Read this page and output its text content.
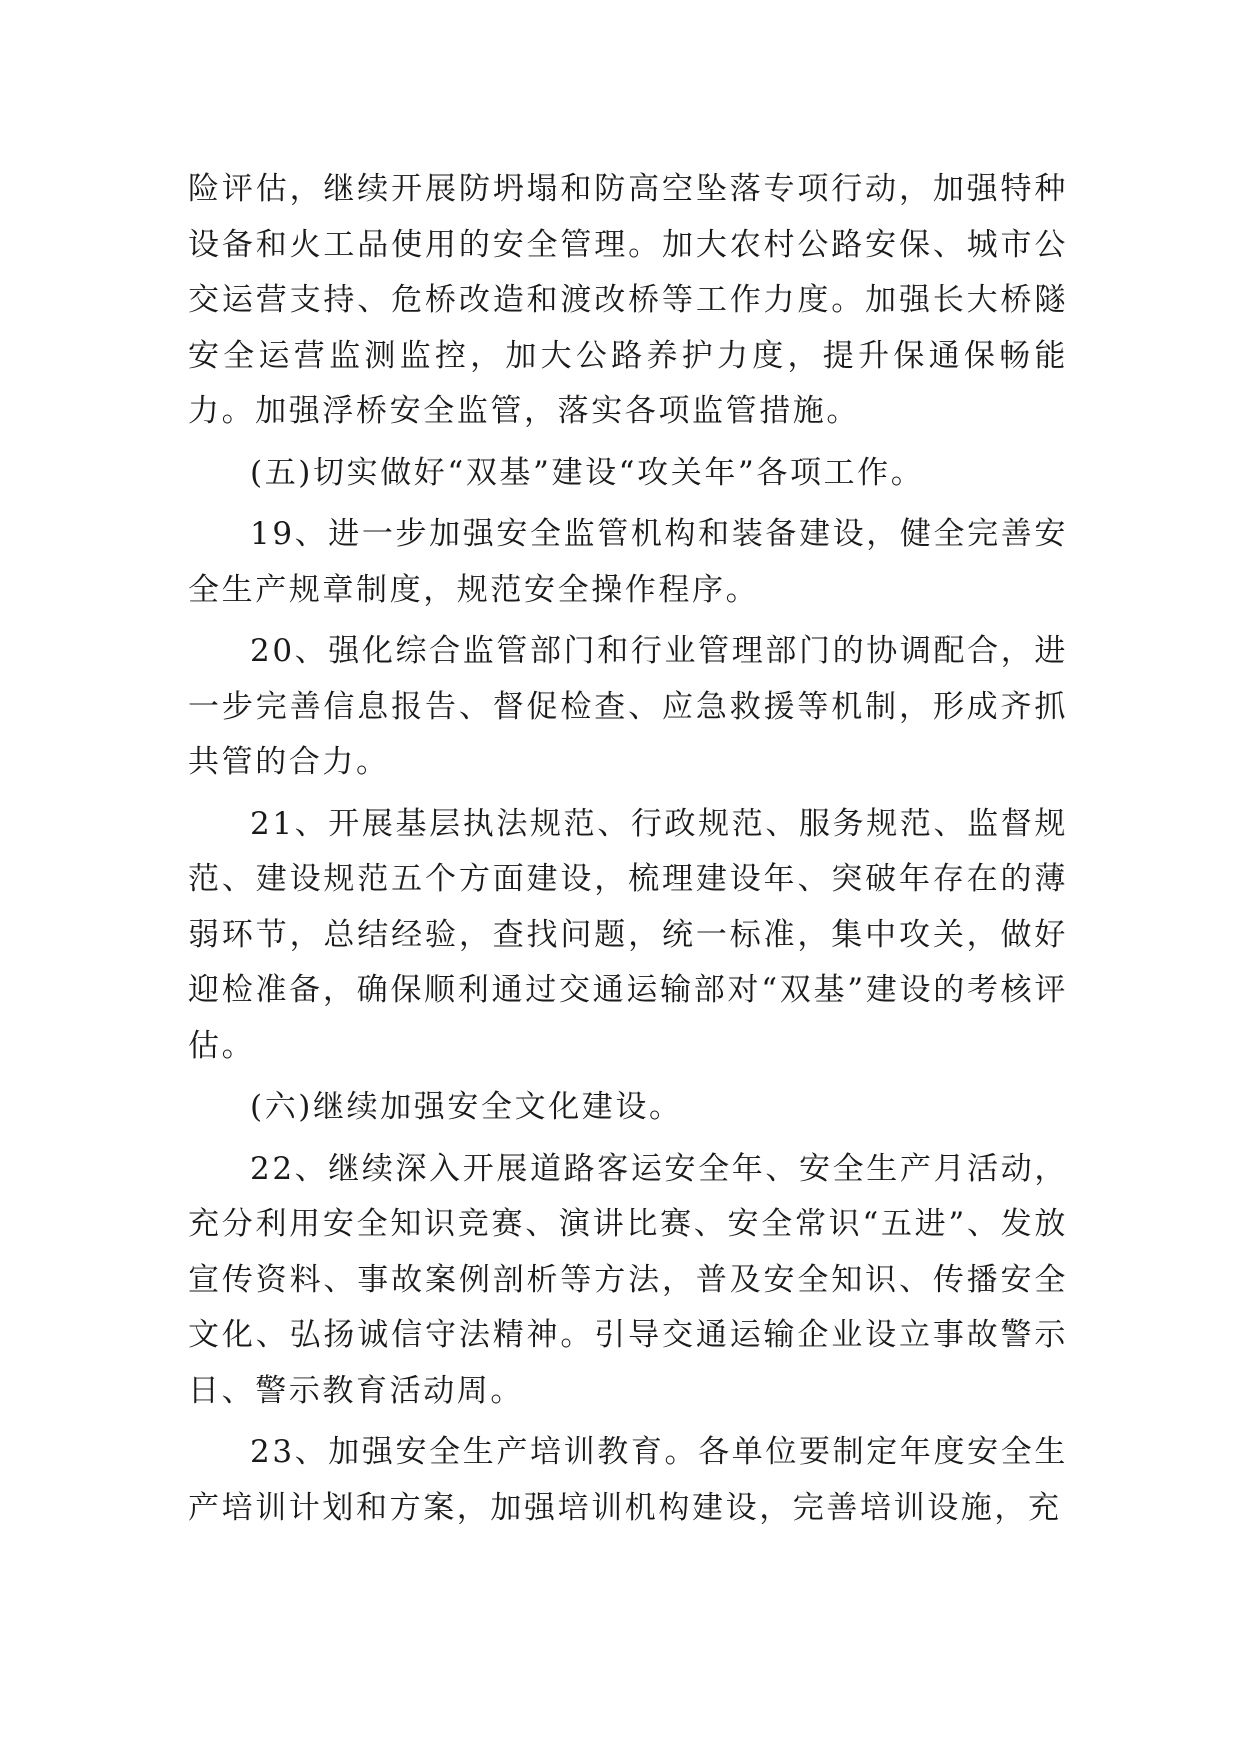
险评估，继续开展防坍塌和防高空坠落专项行动，加强特种设备和火工品使用的安全管理。加大农村公路安保、城市公交运营支持、危桥改造和渡改桥等工作力度。加强长大桥隧安全运营监测监控，加大公路养护力度，提升保通保畅能力。加强浮桥安全监管，落实各项监管措施。

(五)切实做好“双基”建设“攻关年”各项工作。

19、进一步加强安全监管机构和装备建设，健全完善安全生产规章制度，规范安全操作程序。

20、强化综合监管部门和行业管理部门的协调配合，进一步完善信息报告、督促检查、应急救援等机制，形成齐抓共管的合力。

21、开展基层执法规范、行政规范、服务规范、监督规范、建设规范五个方面建设，梳理建设年、突破年存在的薄弱环节，总结经验，查找问题，统一标准，集中攻关，做好迎检准备，确保顺利通过交通运输部对“双基”建设的考核评估。

(六)继续加强安全文化建设。

22、继续深入开展道路客运安全年、安全生产月活动，充分利用安全知识竞赛、演讲比赛、安全常识“五进”、发放宣传资料、事故案例剖析等方法，普及安全知识、传播安全文化、弘扬诚信守法精神。引导交通运输企业设立事故警示日、警示教育活动周。

23、加强安全生产培训教育。各单位要制定年度安全生产培训计划和方案，加强培训机构建设，完善培训设施，充
